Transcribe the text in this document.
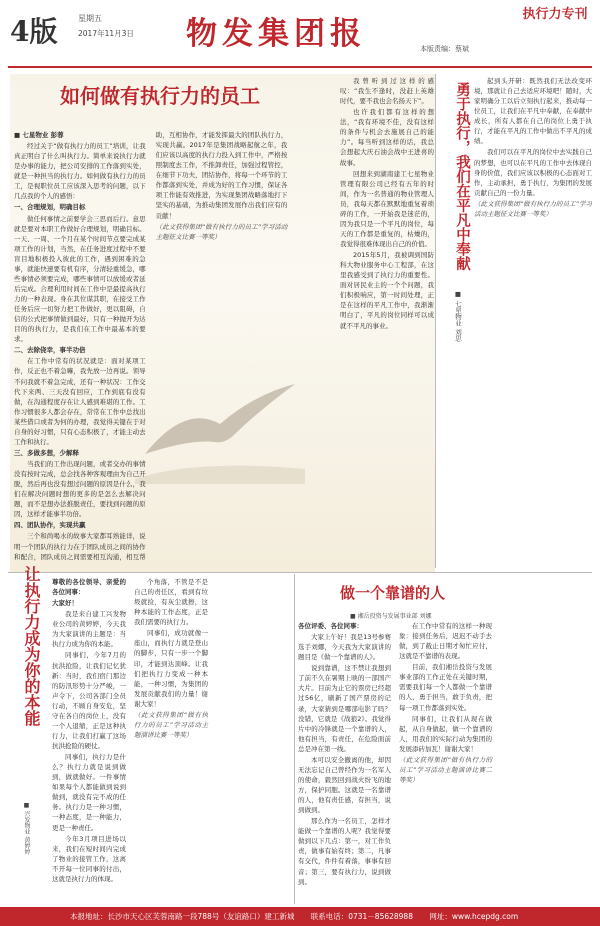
4版	星期五
2017年11月3日 物发集团报	本版责编：蔡斌
执行力专刊
如何做有执行力的员工

■ 七星物业 彭蓉

经过关于“做有执行力的员工”培训，让我真正明白了什么叫执行力。简单来说执行力就是办事的能力，把公司安排的工作落到实处，就是一种担当的执行力。如何做有执行力的员工，是视职位员工应该深入思考的问题，以下几点我的个人的感悟：

一、合理规划，明确目标

做任何事情之前要学会三思而后行。意思就是要对本职工作做好合理规划，明确目标。一天、一周、一个月在某个时间节点要完成某项工作的计划，当然，在任务进度过程中不要盲目地积极投入彼此的工作，遇到困难的急事，就能快速要有机有序，分清轻重缓急，哪些事情必须要完成，哪些事情可以放缓或者延后完成。合理利用时间在工作中是最提高执行力的一种表现。身在其位谋其职，在接受工作任务后应一切努力把工作做好，更以阻碍，自信的公式把事情做到最好，只有一种抛开为达目的的执行力，是我们在工作中最基本的要求。

二、去除侥幸，事半功倍

在工作中常有的状况就是：面对某项工作，反正也不着急嘛，我先放一边再说。领导不问我就不着急完成，还有一种状况：工作交代下来两、三天没有回应，工作到底有没有做，在沟通程度存在让人感到难堪的工作。工作习惯很多人都会存在，常常在工作中总找出某些借口或者为何的办理，我觉得关键在于对自身的好习惯，只有心态积极了，才能主动去工作和执行。

三、多做多想，少解释

当我们的工作出现问题，或者交办的事情没有按时完成，总会找各种客观理由为自己开脱，然后再也没有想过问题的原因是什么，我们在解决问题时想的更多的是怎么去解决问题，而不是想办法推脱责任，要找到问题的原因，这样才能事半功倍。

四、团队协作，实现共赢

三个和尚喝水的故事大家都耳熟能详，说明一个团队的执行力在于团队成员之间的协作和配合，团队成员之间需要相互沟通，相互帮助，互相协作，才能发挥最大的团队执行力，实现共赢。2017年是集团战略起航之年，我们应该以高度的执行力投入到工作中，严格按照制度去工作，不推卸责任，加强过程管控，在细节下功夫，团结协作，将每一个环节的工作都落到实处，并成为好的工作习惯，保证各项工作能有效推进，为实现集团战略落地打下坚实的基础，为推动集团发展作出我们应有的贡献！

（此文获得集团“做有执行力的员工”学习活动主题征文比赛一等奖）	勇于执行，我们在平凡中奉献
■ 七星物业 刘思

我曾听到过这样的感叹：“我生不逢时，没赶上英雄时代，要不我也会名扬天下”。

也许我们都有这样的想法，“我有环境不佳，没有这样的条件与机会去施展自己的能力”。每当听到这样的话，我总会想起大庆石油会战中王进喜的故事。

回想来到湖南建工七星物业管理有限公司已经有五年的时间，作为一名普通的物业管理人员，我每天都在默默地重复着琐碎的工作，一开始我是迷茫的，因为我只是一个平凡的岗位，每天的工作都是重复的，枯燥的，我觉得很难体现出自己的价值。

2015年5月，我被调到国防科大物业服务中心工程部，在这里我感受到了执行力的重要性。面对居民业主的一个个问题，我们积极响应，第一时间处理，正是在这样的平凡工作中，我渐渐明白了，平凡的岗位同样可以成就不平凡的事业。

起到头开研：既然我们无法改变环境，那就让自己去适应环境吧！随时，大家明确分工以后立刻执行起来，推动每一位员工，让我们在平凡中奉献，在奉献中成长，所有人都在自己的岗位上勇于执行，才能在平凡的工作中做出不平凡的成绩。

我们可以在平凡的岗位中去实践自己的梦想，也可以在平凡的工作中去体现自身的价值，我们应该以积极的心态面对工作，主动承担，勇于执行，为集团的发展贡献自己的一份力量。

（此文获得集团“做有执行力的员工”学习活动主题征文比赛一等奖）

让执行力成为你的本能
■ 兴发物业 黄婷婷

尊敬的各位领导、亲爱的各位同事：

大家好！

我是来自建工兴发物业公司的黄婷婷，今天我为大家演讲的主题是：当执行力成为你的本能。

同事们，今年7月的抗洪抢险，让我们记忆犹新：当时，我们宿门那边的防汛形势十分严峻，一声令下，公司各部门全员行动，不顾自身安危，坚守在各自的岗位上，没有一个人退缩，正是这种执行力，让我们打赢了这场抗洪抢险的硬仗。

同事们，执行力是什么？执行力就是说到做到，做就做好。一件事情如果每个人都能做到说到做到，就没有完不成的任务。执行力是一种习惯，一种态度，是一种能力，更是一种责任。

今年3月项目进场以来，我们在短时间内完成了物业的接管工作，这离不开每一位同事的付出，这就是执行力的体现。

个角落，不管是不是自己的责任区，看到有垃圾就捡，有灰尘就擦，这种本能的工作态度，正是我们需要的执行力。

同事们，成功就像一座山，而执行力就是登山的脚步，只有一步一个脚印，才能到达顶峰。让我们把执行力变成一种本能，一种习惯，为集团的发展贡献我们的力量！谢谢大家！

（此文获得集团“做有执行力的员工”学习活动主题演讲比赛一等奖）

做一个靠谱的人
■ 湘岳投资与发展事业部 刘娜

各位评委、各位同事：

大家上午好！我是13号参赛选手刘娜，今天我为大家演讲的题目是《做一个靠谱的人》。

说到靠谱，这不禁让我想到了前不久在暑期上映的一部国产大片。目前为止它的票房已经超过56亿，刷新了国产票房的记录，大家猜到是哪部电影了吗？没错，它就是《战狼2》。我觉得片中的冷锋就是一个靠谱的人，他有担当，有责任，在危险面前总是冲在第一线。

本可以安全撤离的他，却因无法忘记自己曾经作为一名军人的使命，毅然回到战火纷飞的地方，保护同胞。这就是一名靠谱的人，他有责任感，有担当，说到做到。

那么作为一名员工，怎样才能做一个靠谱的人呢？我觉得要做到以下几点：第一，对工作负责，做事有始有终；第二，凡事有交代，件件有着落，事事有回音；第三，要有执行力，说到做到。

在工作中常有的这样一种现象：接到任务后，迟迟不动手去做，到了截止日期才匆忙应付，这就是不靠谱的表现。

目前，我们湘岳投资与发展事业部的工作正处在关键时期，需要我们每一个人都做一个靠谱的人，勇于担当，敢于负责，把每一项工作都落到实处。

同事们，让我们从现在做起，从自身做起，做一个靠谱的人，用我们的实际行动为集团的发展添砖加瓦！谢谢大家！

（此文获得集团“做有执行力的员工”学习活动主题演讲比赛二等奖）

本报地址：长沙市天心区芙蓉南路一段788号（友谊路口）建工新城 联系电话：0731－85628988 网址：www.hcepdg.com
